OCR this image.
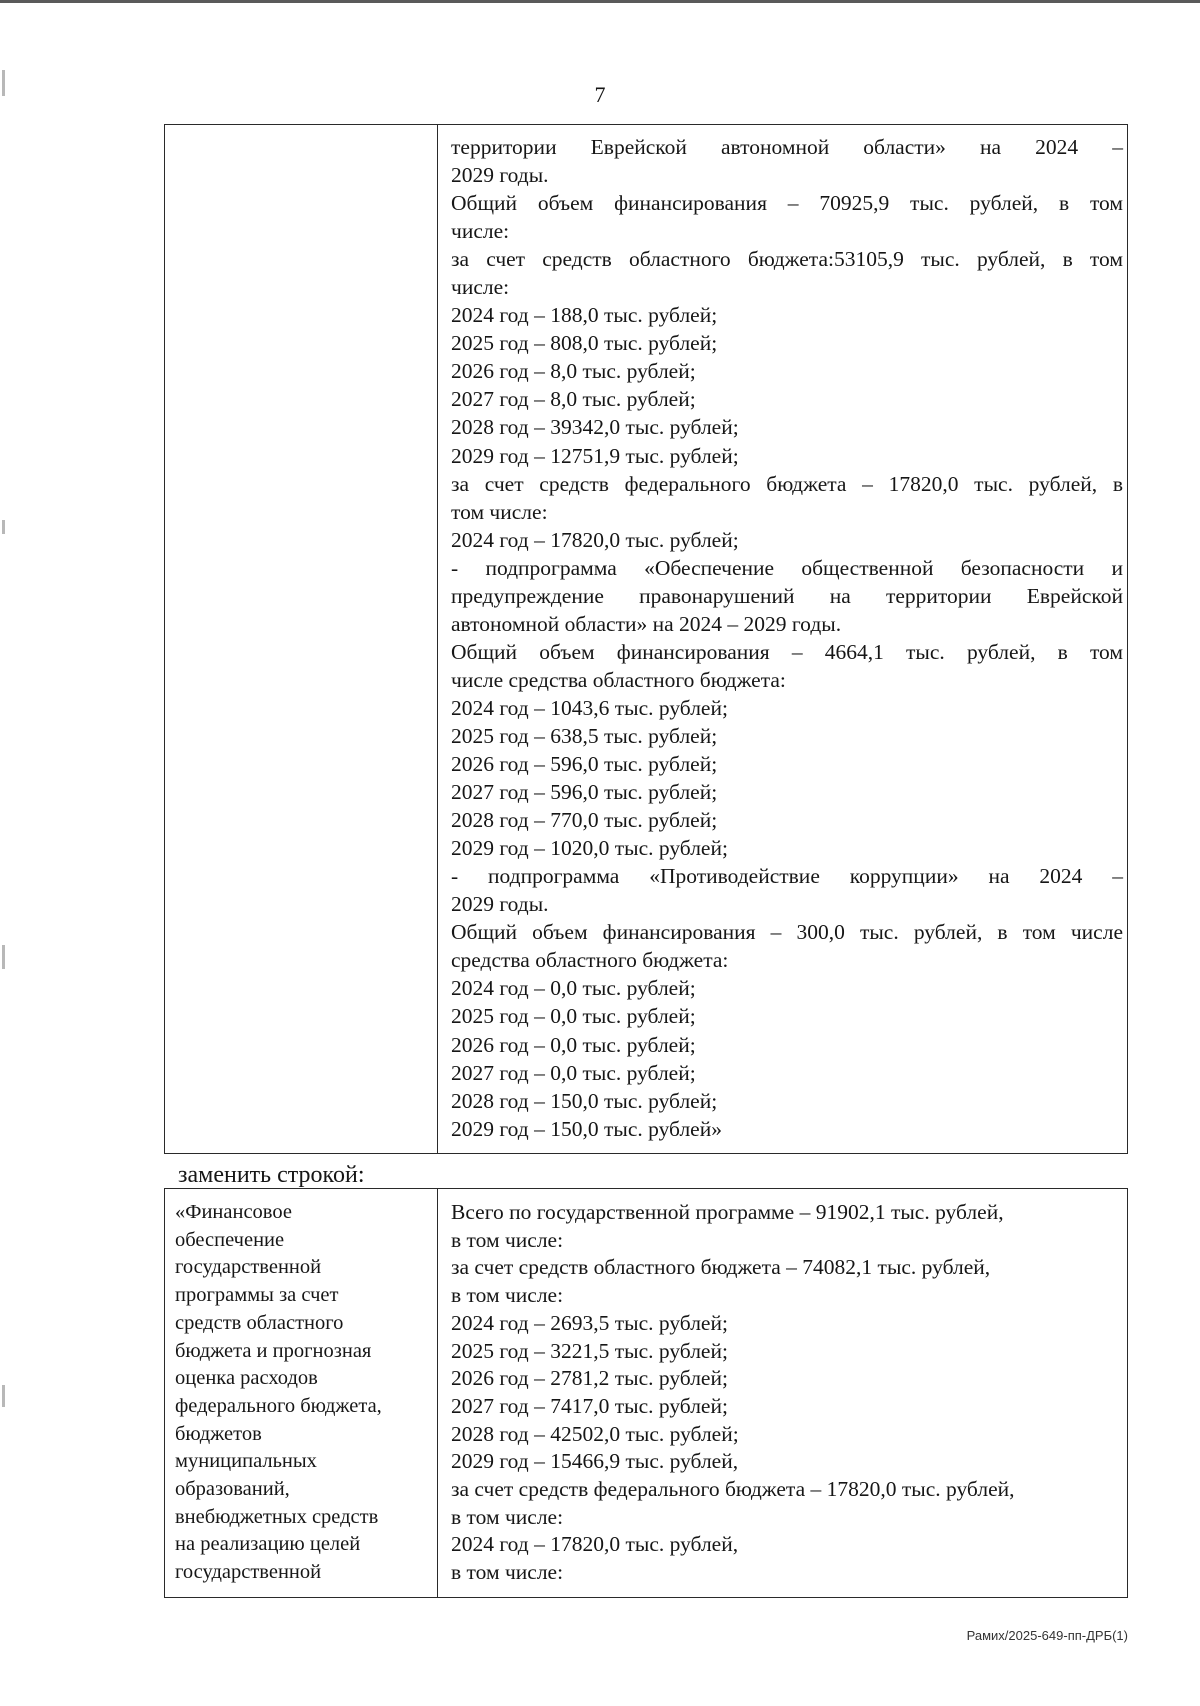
7
территории Еврейской автономной области» на 2024 –
2029 годы.
Общий объем финансирования – 70925,9 тыс. рублей, в том
числе:
за счет средств областного бюджета:53105,9 тыс. рублей, в том
числе:
2024 год – 188,0 тыс. рублей;
2025 год – 808,0 тыс. рублей;
2026 год – 8,0 тыс. рублей;
2027 год – 8,0 тыс. рублей;
2028 год – 39342,0 тыс. рублей;
2029 год – 12751,9 тыс. рублей;
за счет средств федерального бюджета – 17820,0 тыс. рублей, в
том числе:
2024 год – 17820,0 тыс. рублей;
- подпрограмма «Обеспечение общественной безопасности и
предупреждение правонарушений на территории Еврейской
автономной области» на 2024 – 2029 годы.
Общий объем финансирования – 4664,1 тыс. рублей, в том
числе средства областного бюджета:
2024 год – 1043,6 тыс. рублей;
2025 год – 638,5 тыс. рублей;
2026 год – 596,0 тыс. рублей;
2027 год – 596,0 тыс. рублей;
2028 год – 770,0 тыс. рублей;
2029 год – 1020,0 тыс. рублей;
- подпрограмма «Противодействие коррупции» на 2024 –
2029 годы.
Общий объем финансирования – 300,0 тыс. рублей, в том числе
средства областного бюджета:
2024 год – 0,0 тыс. рублей;
2025 год – 0,0 тыс. рублей;
2026 год – 0,0 тыс. рублей;
2027 год – 0,0 тыс. рублей;
2028 год – 150,0 тыс. рублей;
2029 год – 150,0 тыс. рублей»
заменить строкой:
«Финансовое
обеспечение
государственной
программы за счет
средств областного
бюджета и прогнозная
оценка расходов
федерального бюджета,
бюджетов
муниципальных
образований,
внебюджетных средств
на реализацию целей
государственной
Всего по государственной программе – 91902,1 тыс. рублей,
в том числе:
за счет средств областного бюджета – 74082,1 тыс. рублей,
в том числе:
2024 год – 2693,5 тыс. рублей;
2025 год – 3221,5 тыс. рублей;
2026 год – 2781,2 тыс. рублей;
2027 год – 7417,0 тыс. рублей;
2028 год – 42502,0 тыс. рублей;
2029 год – 15466,9 тыс. рублей,
за счет средств федерального бюджета – 17820,0 тыс. рублей,
в том числе:
2024 год – 17820,0 тыс. рублей,
в том числе:
Рамих/2025-649-пп-ДРБ(1)
